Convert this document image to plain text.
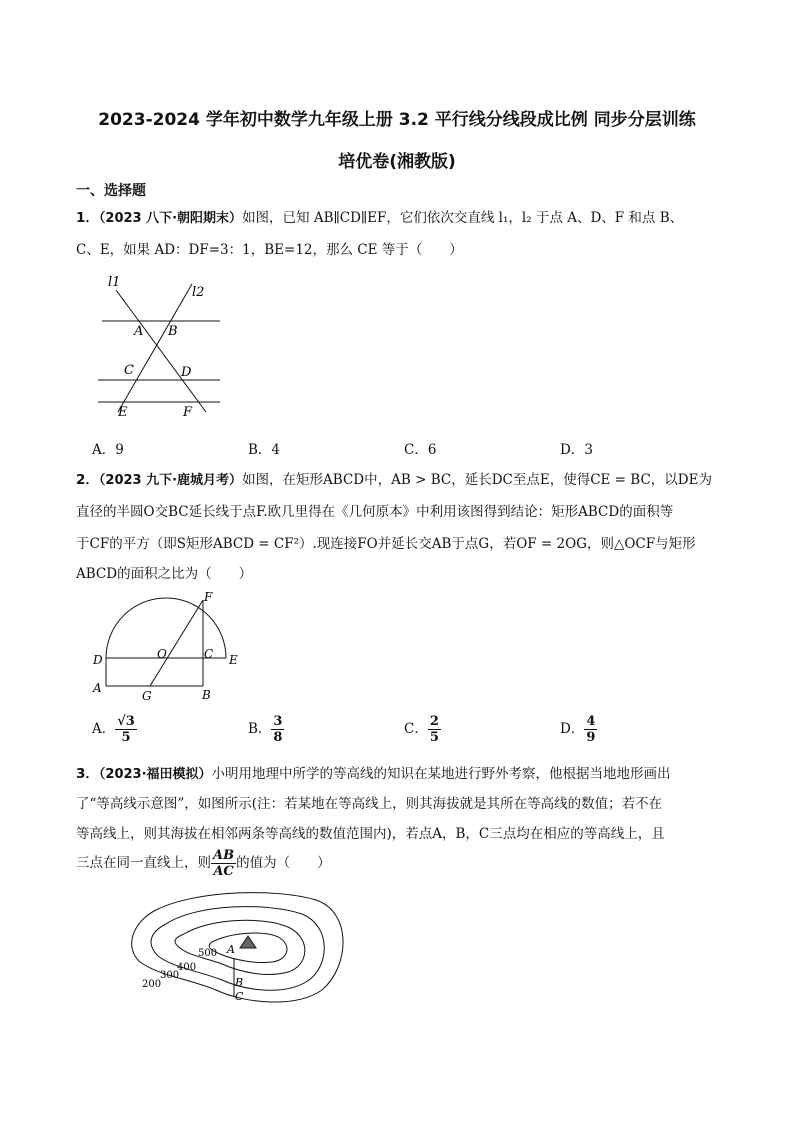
2023-2024 学年初中数学九年级上册 3.2 平行线分线段成比例 同步分层训练
培优卷(湘教版)
一、选择题
1．（2023 八下·朝阳期末）如图，已知 AB∥CD∥EF，它们依次交直线 l₁，l₂ 于点 A、D、F 和点 B、
C、E，如果 AD：DF=3：1，BE=12，那么 CE 等于（　　）
l1
l2
A B
C	D
E	F
A．9	B．4	C．6	D．3
2．（2023 九下·鹿城月考）如图，在矩形ABCD中，AB > BC，延长DC至点E，使得CE = BC，以DE为
直径的半圆O交BC延长线于点F.欧几里得在《几何原本》中利用该图得到结论：矩形ABCD的面积等
于CF的平方（即S矩形ABCD = CF²）.现连接FO并延长交AB于点G，若OF = 2OG，则△OCF与矩形
ABCD的面积之比为（　　）
F
D	O	C E
A
G	B
A． $\frac{√3}{5}$	B． $\frac{3}{8}$	C． $\frac{2}{5}$	D． $\frac{4}{9}$
3．（2023·福田模拟）小明用地理中所学的等高线的知识在某地进行野外考察，他根据当地地形画出
了“等高线示意图”，如图所示(注：若某地在等高线上，则其海拔就是其所在等高线的数值；若不在
等高线上，则其海拔在相邻两条等高线的数值范围内)，若点A，B，C三点均在相应的等高线上，且
三点在同一直线上，则 $\frac{AB}{AC}$ 的值为（　　）
500 A
400
300
200	B
C
